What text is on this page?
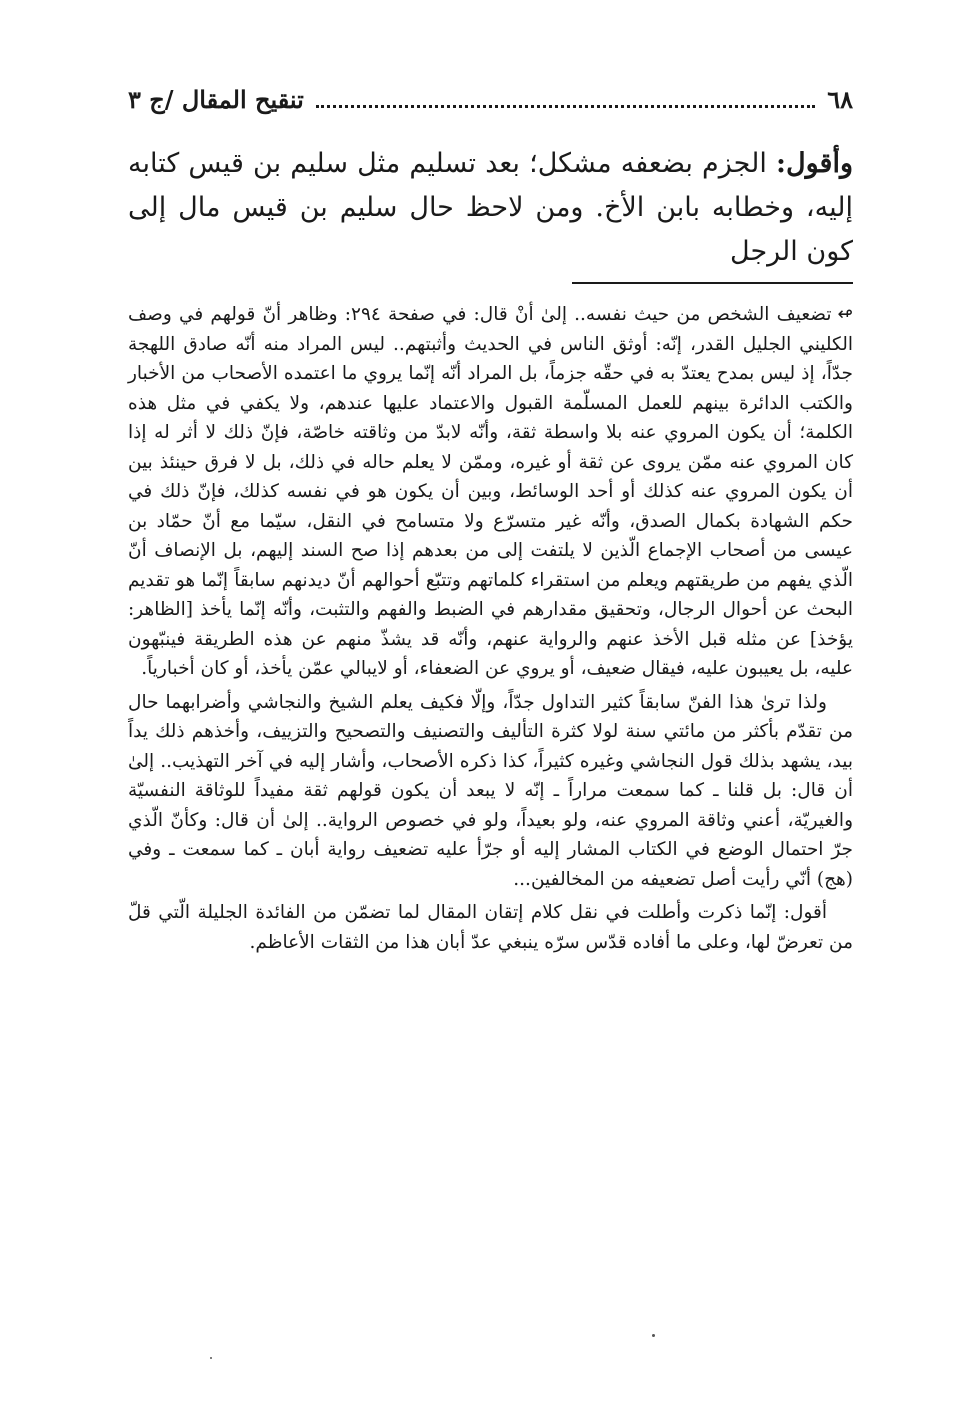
٦٨
تنقيح المقال /ج ٣
وأقول: الجزم بضعفه مشكل؛ بعد تسليم مثل سليم بن قيس كتابه إليه، وخطابه بابن الأخ. ومن لاحظ حال سليم بن قيس مال إلى كون الرجل

↫تضعيف الشخص من حيث نفسه.. إلىٰ أنْ قال: في صفحة ٢٩٤: وظاهر أنّ قولهم في وصف الكليني الجليل القدر، إنّه: أوثق الناس في الحديث وأثبتهم.. ليس المراد منه أنّه صادق اللهجة جدّاً، إذ ليس بمدح يعتدّ به في حقّه جزماً، بل المراد أنّه إنّما يروي ما اعتمده الأصحاب من الأخبار والكتب الدائرة بينهم للعمل المسلّمة القبول والاعتماد عليها عندهم، ولا يكفي في مثل هذه الكلمة؛ أن يكون المروي عنه بلا واسطة ثقة، وأنّه لابدّ من وثاقته خاصّة، فإنّ ذلك لا أثر له إذا كان المروي عنه ممّن يروى عن ثقة أو غيره، وممّن لا يعلم حاله في ذلك، بل لا فرق حينئذ بين أن يكون المروي عنه كذلك أو أحد الوسائط، وبين أن يكون هو في نفسه كذلك، فإنّ ذلك في حكم الشهادة بكمال الصدق، وأنّه غير متسرّع ولا متسامح في النقل، سيّما مع أنّ حمّاد بن عيسى من أصحاب الإجماع الّذين لا يلتفت إلى من بعدهم إذا صح السند إليهم، بل الإنصاف أنّ الّذي يفهم من طريقتهم ويعلم من استقراء كلماتهم وتتبّع أحوالهم أنّ ديدنهم سابقاً إنّما هو تقديم البحث عن أحوال الرجال، وتحقيق مقدارهم في الضبط والفهم والتثبت، وأنّه إنّما يأخذ [الظاهر: يؤخذ] عن مثله قبل الأخذ عنهم والرواية عنهم، وأنّه قد يشذّ منهم عن هذه الطريقة فينبّهون عليه، بل يعيبون عليه، فيقال ضعيف، أو يروي عن الضعفاء، أو لايبالي عمّن يأخذ، أو كان أخبارياً.

ولذا ترىٰ هذا الفنّ سابقاً كثير التداول جدّاً، وإلّا فكيف يعلم الشيخ والنجاشي وأضرابهما حال من تقدّم بأكثر من مائتي سنة لولا كثرة التأليف والتصنيف والتصحيح والتزييف، وأخذهم ذلك يداً بيد، يشهد بذلك قول النجاشي وغيره كثيراً، كذا ذكره الأصحاب، وأشار إليه في آخر التهذيب.. إلىٰ أن قال: بل قلنا ـ كما سمعت مراراً ـ إنّه لا يبعد أن يكون قولهم ثقة مفيداً للوثاقة النفسيّة والغيريّة، أعني وثاقة المروي عنه، ولو بعيداً، ولو في خصوص الرواية.. إلىٰ أن قال: وكأنّ الّذي جرّ احتمال الوضع في الكتاب المشار إليه أو جرّأ عليه تضعيف رواية أبان ـ كما سمعت ـ وفي (هج) أنّي رأيت أصل تضعيفه من المخالفين...

أقول: إنّما ذكرت وأطلت في نقل كلام إتقان المقال لما تضمّن من الفائدة الجليلة الّتي قلّ من تعرضّ لها، وعلى ما أفاده قدّس سرّه ينبغي عدّ أبان هذا من الثقات الأعاظم.
